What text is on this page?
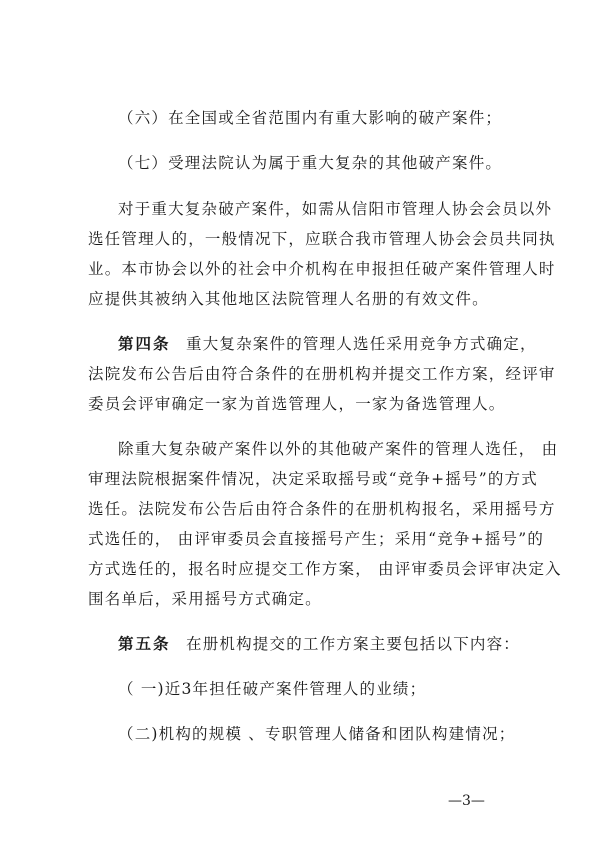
（六）在全国或全省范围内有重大影响的破产案件；
（七）受理法院认为属于重大复杂的其他破产案件。
对于重大复杂破产案件，如需从信阳市管理人协会会员以外
选任管理人的，一般情况下，应联合我市管理人协会会员共同执
业。本市协会以外的社会中介机构在申报担任破产案件管理人时
应提供其被纳入其他地区法院管理人名册的有效文件。
第四条 重大复杂案件的管理人选任采用竞争方式确定，
法院发布公告后由符合条件的在册机构并提交工作方案，经评审
委员会评审确定一家为首选管理人，一家为备选管理人。
除重大复杂破产案件以外的其他破产案件的管理人选任， 由
审理法院根据案件情况，决定采取摇号或“竞争+摇号”的方式
选任。法院发布公告后由符合条件的在册机构报名，采用摇号方
式选任的， 由评审委员会直接摇号产生；采用“竞争+摇号”的
方式选任的，报名时应提交工作方案， 由评审委员会评审决定入
围名单后，采用摇号方式确定。
第五条 在册机构提交的工作方案主要包括以下内容：
（ 一)近3年担任破产案件管理人的业绩；
（二)机构的规模 、专职管理人储备和团队构建情况；
—3—
